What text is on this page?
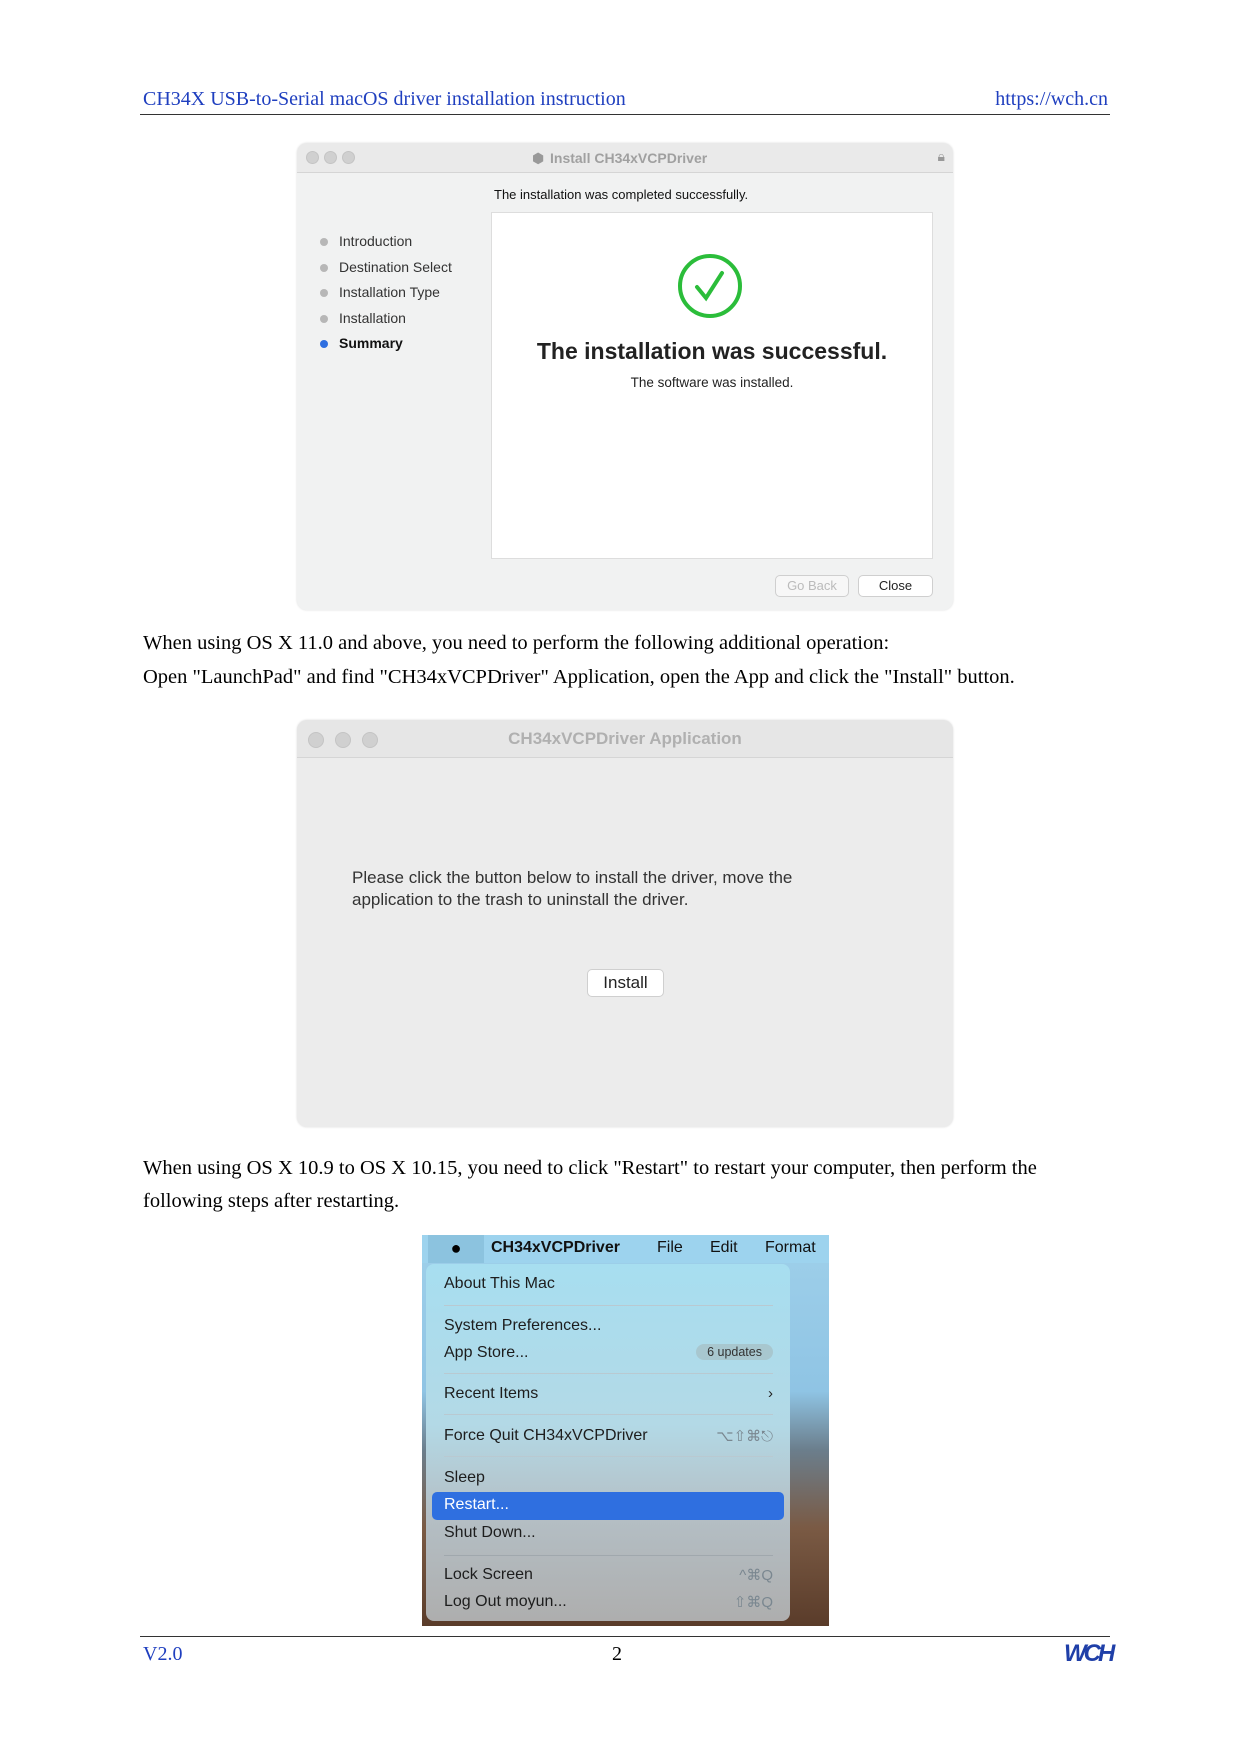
CH34X USB-to-Serial macOS driver installation instruction	https://wch.cn
⬢ Install CH34xVCPDriver	🔒︎
The installation was completed successfully.
Introduction
Destination Select
Installation Type
Installation
Summary	The installation was successful.
The software was installed.
Go Back	Close
When using OS X 11.0 and above, you need to perform the following additional operation:
Open "LaunchPad" and find "CH34xVCPDriver" Application, open the App and click the "Install" button.
CH34xVCPDriver Application
Please click the button below to install the driver, move the
application to the trash to uninstall the driver.
Install
When using OS X 10.9 to OS X 10.15, you need to click "Restart" to restart your computer, then perform the
following steps after restarting.
●	CH34xVCPDriver File Edit Format
About This Mac
System Preferences...
App Store...	6 updates
Recent Items	›
Force Quit CH34xVCPDriver	⌥⇧⌘⎋
Sleep
Restart...
Shut Down...
Lock Screen	^⌘Q
Log Out moyun...	⇧⌘Q
V2.0	2	WCH
